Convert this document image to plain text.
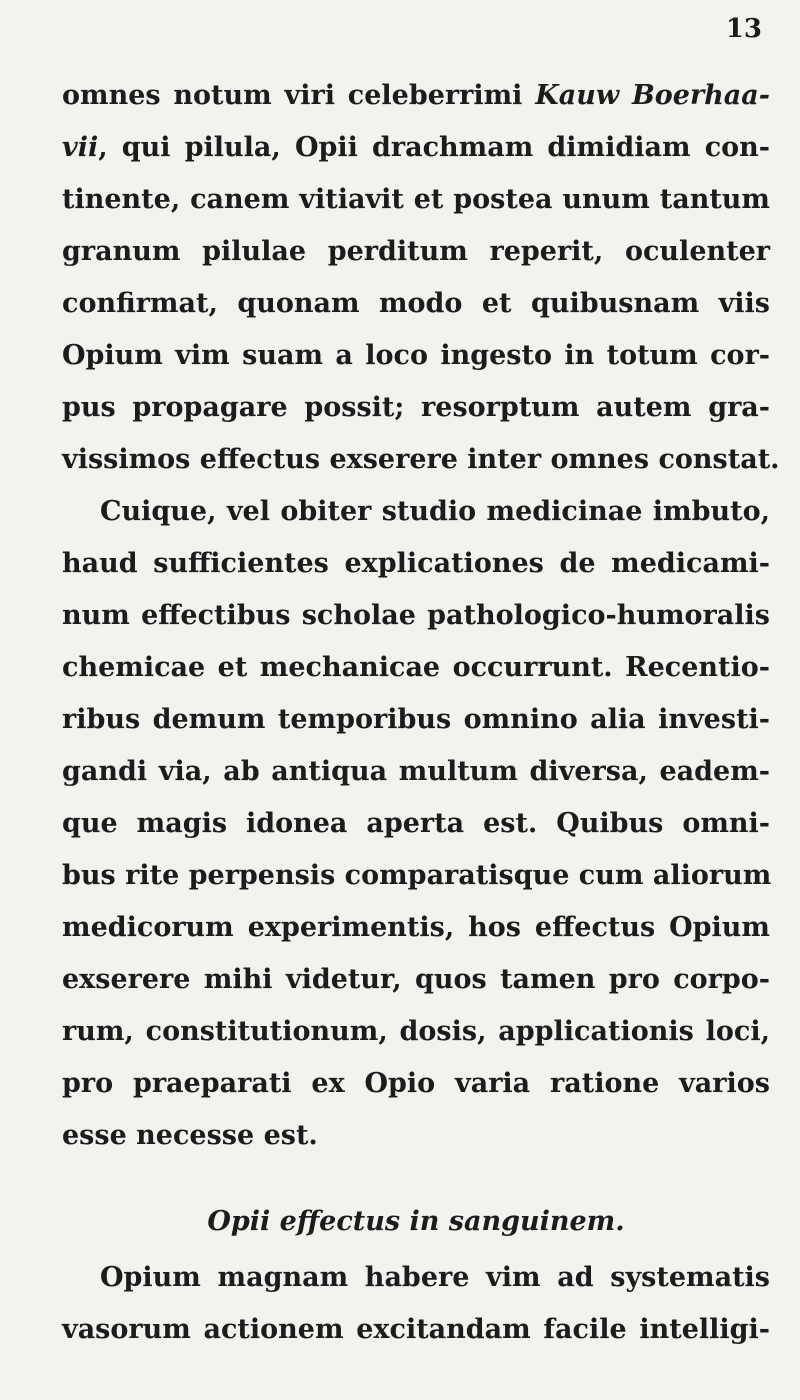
13
omnes notum viri celeberrimi Kauw Boerhaa-
vii, qui pilula, Opii drachmam dimidiam con-
tinente, canem vitiavit et postea unum tantum
granum pilulae perditum reperit, oculenter
confirmat, quonam modo et quibusnam viis
Opium vim suam a loco ingesto in totum cor-
pus propagare possit; resorptum autem gra-
vissimos effectus exserere inter omnes constat.
Cuique, vel obiter studio medicinae imbuto,
haud sufficientes explicationes de medicami-
num effectibus scholae pathologico-humoralis
chemicae et mechanicae occurrunt. Recentio-
ribus demum temporibus omnino alia investi-
gandi via, ab antiqua multum diversa, eadem-
que magis idonea aperta est. Quibus omni-
bus rite perpensis comparatisque cum aliorum
medicorum experimentis, hos effectus Opium
exserere mihi videtur, quos tamen pro corpo-
rum, constitutionum, dosis, applicationis loci,
pro praeparati ex Opio varia ratione varios
esse necesse est.
Opii effectus in sanguinem.
Opium magnam habere vim ad systematis
vasorum actionem excitandam facile intelligi-
